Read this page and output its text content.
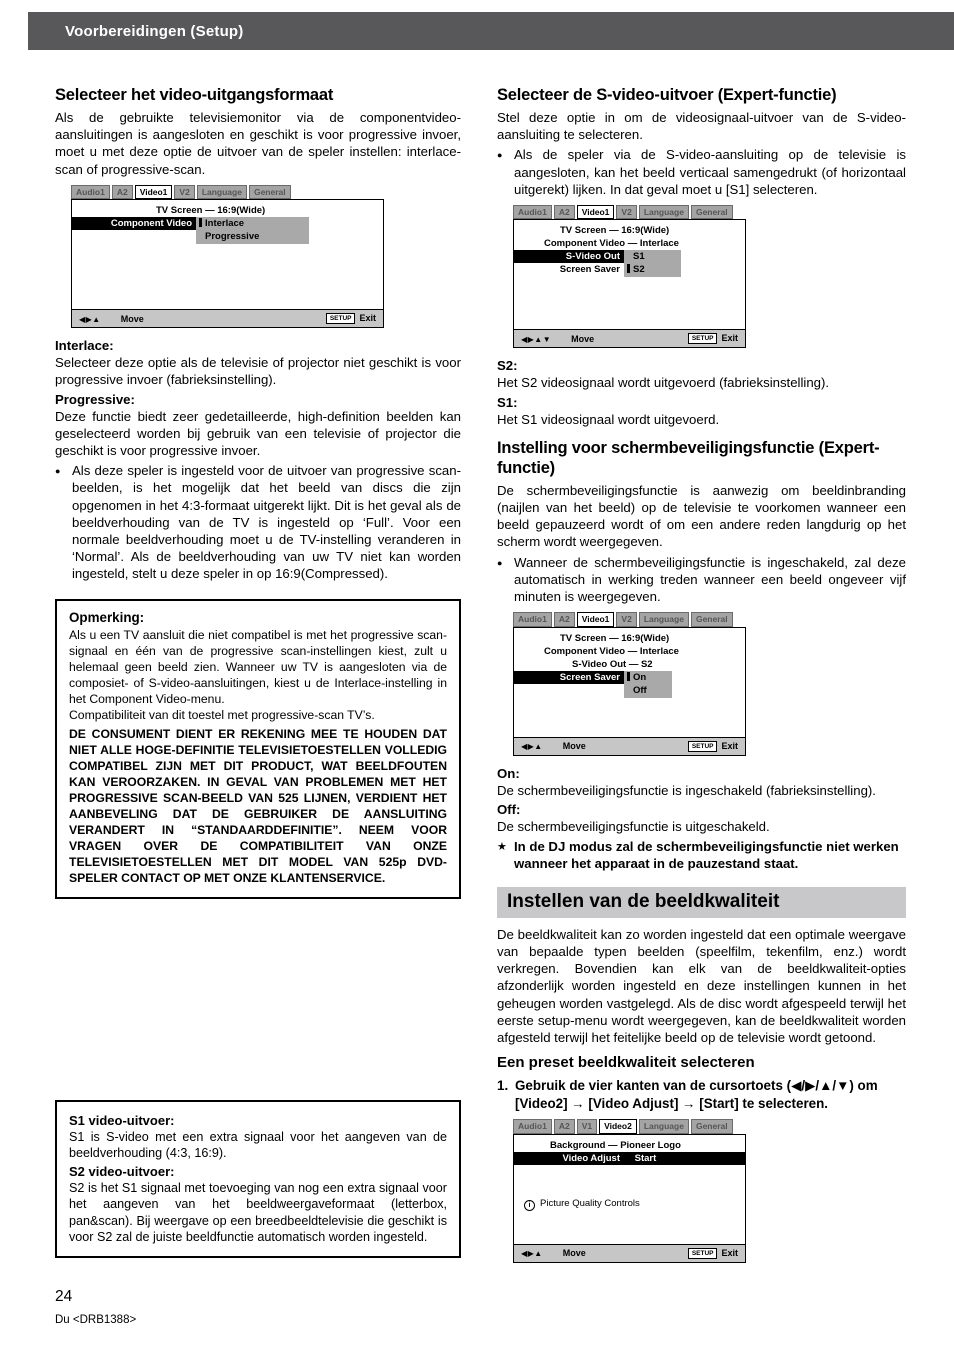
Voorbereidingen (Setup)
Selecteer het video-uitgangsformaat

Als de gebruikte televisiemonitor via de componentvideo-aansluitingen is aangesloten en geschikt is voor progressive invoer, moet u met deze optie de uitvoer van de speler instellen: interlace-scan of progressive-scan.

Audio1	A2	Video1	V2	Language	General
TV Screen — 16:9(Wide)
Component Video	Interlace
Progressive
◀▶▲ Move	SETUP Exit
Interlace:

Selecteer deze optie als de televisie of projector niet geschikt is voor progressive invoer (fabrieksinstelling).

Progressive:

Deze functie biedt zeer gedetailleerde, high-definition beelden kan geselecteerd worden bij gebruik van een televisie of projector die geschikt is voor progressive invoer.

● Als deze speler is ingesteld voor de uitvoer van progressive scan-beelden, is het mogelijk dat het beeld van discs die zijn opgenomen in het 4:3-formaat uitgerekt lijkt. Dit is het geval als de beeldverhouding van de TV is ingesteld op ‘Full’. Voor een normale beeldverhouding moet u de TV-instelling veranderen in ‘Normal’. Als de beeldverhouding van uw TV niet kan worden ingesteld, stelt u deze speler in op 16:9(Compressed).
Opmerking:

Als u een TV aansluit die niet compatibel is met het progressive scan-signaal en één van de progressive scan-instellingen kiest, zult u helemaal geen beeld zien. Wanneer uw TV is aangesloten via de composiet- of S-video-aansluitingen, kiest u de Interlace-instelling in het Component Video-menu.

Compatibiliteit van dit toestel met progressive-scan TV’s.

DE CONSUMENT DIENT ER REKENING MEE TE HOUDEN DAT NIET ALLE HOGE-DEFINITIE TELEVISIETOESTELLEN VOLLEDIG COMPATIBEL ZIJN MET DIT PRODUCT, WAT BEELDFOUTEN KAN VEROORZAKEN. IN GEVAL VAN PROBLEMEN MET HET PROGRESSIVE SCAN-BEELD VAN 525 LIJNEN, VERDIENT HET AANBEVELING DAT DE GEBRUIKER DE AANSLUITING VERANDERT IN “STANDAARDDEFINITIE”. NEEM VOOR VRAGEN OVER DE COMPATIBILITEIT VAN ONZE TELEVISIETOESTELLEN MET DIT MODEL VAN 525p DVD-SPELER CONTACT OP MET ONZE KLANTENSERVICE.

S1 video-uitvoer:

S1 is S-video met een extra signaal voor het aangeven van de beeldverhouding (4:3, 16:9).

S2 video-uitvoer:

S2 is het S1 signaal met toevoeging van nog een extra signaal voor het aangeven van het beeldweergaveformaat (letterbox, pan&scan). Bij weergave op een breedbeeldtelevisie die geschikt is voor S2 zal de juiste beeldfunctie automatisch worden ingesteld.

Selecteer de S-video-uitvoer (Expert-functie)

Stel deze optie in om de videosignaal-uitvoer van de S-video-aansluiting te selecteren.

● Als de speler via de S-video-aansluiting op de televisie is aangesloten, kan het beeld verticaal samengedrukt (of horizontaal uitgerekt) lijken. In dat geval moet u [S1] selecteren.
Audio1	A2	Video1	V2	Language	General
TV Screen — 16:9(Wide)
Component Video — Interlace
S-Video Out	S1
Screen Saver	S2
◀▶▲▼ Move	SETUP Exit
S2:

Het S2 videosignaal wordt uitgevoerd (fabrieksinstelling).

S1:

Het S1 videosignaal wordt uitgevoerd.

Instelling voor schermbeveiligingsfunctie (Expert-functie)

De schermbeveiligingsfunctie is aanwezig om beeldinbranding (naijlen van het beeld) op de televisie te voorkomen wanneer een beeld gepauzeerd wordt of om een andere reden langdurig op het scherm wordt weergegeven.

● Wanneer de schermbeveiligingsfunctie is ingeschakeld, zal deze automatisch in werking treden wanneer een beeld ongeveer vijf minuten is weergegeven.
Audio1	A2	Video1	V2	Language	General
TV Screen — 16:9(Wide)
Component Video — Interlace
S-Video Out — S2
Screen Saver	On
Off
◀▶▲ Move	SETUP Exit
On:

De schermbeveiligingsfunctie is ingeschakeld (fabrieksinstelling).

Off:

De schermbeveiligingsfunctie is uitgeschakeld.

★ In de DJ modus zal de schermbeveiligingsfunctie niet werken wanneer het apparaat in de pauzestand staat.
Instellen van de beeldkwaliteit

De beeldkwaliteit kan zo worden ingesteld dat een optimale weergave van bepaalde typen beelden (speelfilm, tekenfilm, enz.) wordt verkregen. Bovendien kan elk van de beeldkwaliteit-opties afzonderlijk worden ingesteld en deze instellingen kunnen in het geheugen worden vastgelegd. Als de disc wordt afgespeeld terwijl het eerste setup-menu wordt weergegeven, kan de beeldkwaliteit worden afgesteld terwijl het feitelijke beeld op de televisie wordt getoond.

Een preset beeldkwaliteit selecteren
1. Gebruik de vier kanten van de cursortoets (◀/▶/▲/▼) om [Video2] → [Video Adjust] → [Start] te selecteren.
Audio1	A2	V1	Video2	Language	General
Background — Pioneer Logo
Video Adjust Start
i Picture Quality Controls
◀▶▲ Move	SETUP Exit
24
Du <DRB1388>
